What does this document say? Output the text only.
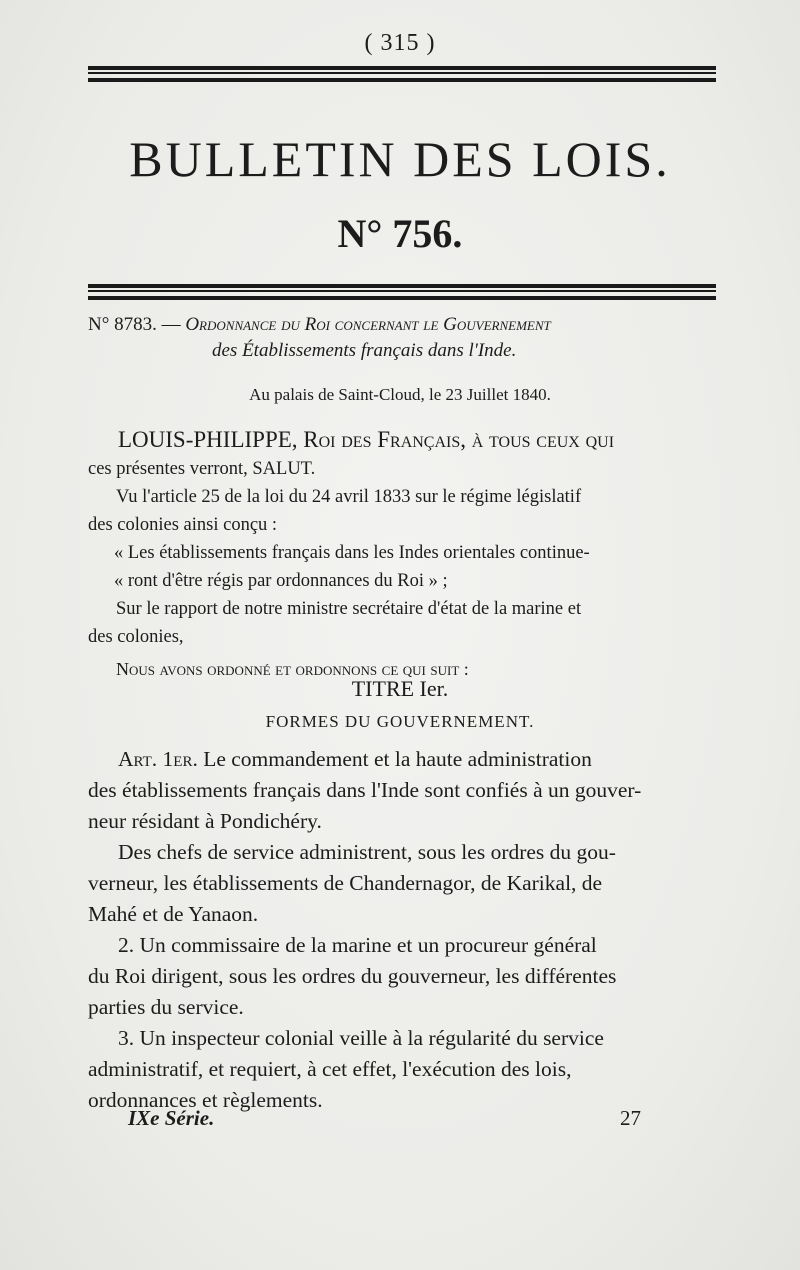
( 315 )
BULLETIN DES LOIS.
N° 756.
N° 8783. — Ordonnance du Roi concernant le Gouvernement
des Établissements français dans l'Inde.
Au palais de Saint-Cloud, le 23 Juillet 1840.
LOUIS-PHILIPPE, Roi des Français, à tous ceux qui
ces présentes verront, SALUT.
Vu l'article 25 de la loi du 24 avril 1833 sur le régime législatif
des colonies ainsi conçu :
« Les établissements français dans les Indes orientales continue-
« ront d'être régis par ordonnances du Roi » ;
Sur le rapport de notre ministre secrétaire d'état de la marine et
des colonies,
Nous avons ordonné et ordonnons ce qui suit :
TITRE Ier.
FORMES DU GOUVERNEMENT.
Art. 1er. Le commandement et la haute administration
des établissements français dans l'Inde sont confiés à un gouver-
neur résidant à Pondichéry.
Des chefs de service administrent, sous les ordres du gou-
verneur, les établissements de Chandernagor, de Karikal, de
Mahé et de Yanaon.
2. Un commissaire de la marine et un procureur général
du Roi dirigent, sous les ordres du gouverneur, les différentes
parties du service.
3. Un inspecteur colonial veille à la régularité du service
administratif, et requiert, à cet effet, l'exécution des lois,
ordonnances et règlements.
IXe Série.	27
